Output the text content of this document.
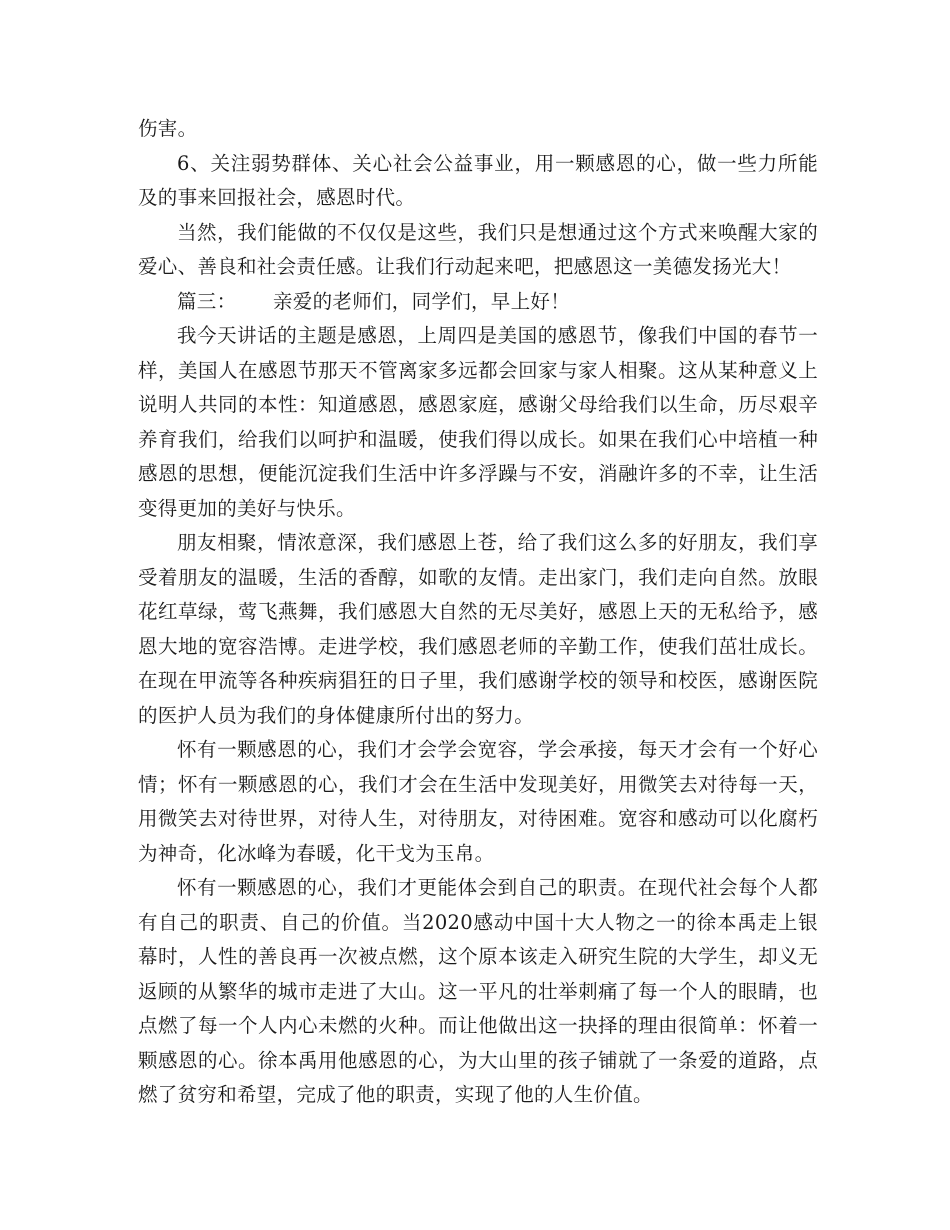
伤害。

6、关注弱势群体、关心社会公益事业，用一颗感恩的心，做一些力所能及的事来回报社会，感恩时代。

当然，我们能做的不仅仅是这些，我们只是想通过这个方式来唤醒大家的爱心、善良和社会责任感。让我们行动起来吧，把感恩这一美德发扬光大！

篇三： 亲爱的老师们，同学们，早上好！

我今天讲话的主题是感恩，上周四是美国的感恩节，像我们中国的春节一样，美国人在感恩节那天不管离家多远都会回家与家人相聚。这从某种意义上说明人共同的本性：知道感恩，感恩家庭，感谢父母给我们以生命，历尽艰辛养育我们，给我们以呵护和温暖，使我们得以成长。如果在我们心中培植一种感恩的思想，便能沉淀我们生活中许多浮躁与不安，消融许多的不幸，让生活变得更加的美好与快乐。

朋友相聚，情浓意深，我们感恩上苍，给了我们这么多的好朋友，我们享受着朋友的温暖，生活的香醇，如歌的友情。走出家门，我们走向自然。放眼花红草绿，莺飞燕舞，我们感恩大自然的无尽美好，感恩上天的无私给予，感恩大地的宽容浩博。走进学校，我们感恩老师的辛勤工作，使我们茁壮成长。在现在甲流等各种疾病猖狂的日子里，我们感谢学校的领导和校医，感谢医院的医护人员为我们的身体健康所付出的努力。

怀有一颗感恩的心，我们才会学会宽容，学会承接，每天才会有一个好心情；怀有一颗感恩的心，我们才会在生活中发现美好，用微笑去对待每一天，用微笑去对待世界，对待人生，对待朋友，对待困难。宽容和感动可以化腐朽为神奇，化冰峰为春暖，化干戈为玉帛。

怀有一颗感恩的心，我们才更能体会到自己的职责。在现代社会每个人都有自己的职责、自己的价值。当2020感动中国十大人物之一的徐本禹走上银幕时，人性的善良再一次被点燃，这个原本该走入研究生院的大学生，却义无返顾的从繁华的城市走进了大山。这一平凡的壮举刺痛了每一个人的眼睛，也点燃了每一个人内心未燃的火种。而让他做出这一抉择的理由很简单：怀着一颗感恩的心。徐本禹用他感恩的心，为大山里的孩子铺就了一条爱的道路，点燃了贫穷和希望，完成了他的职责，实现了他的人生价值。
